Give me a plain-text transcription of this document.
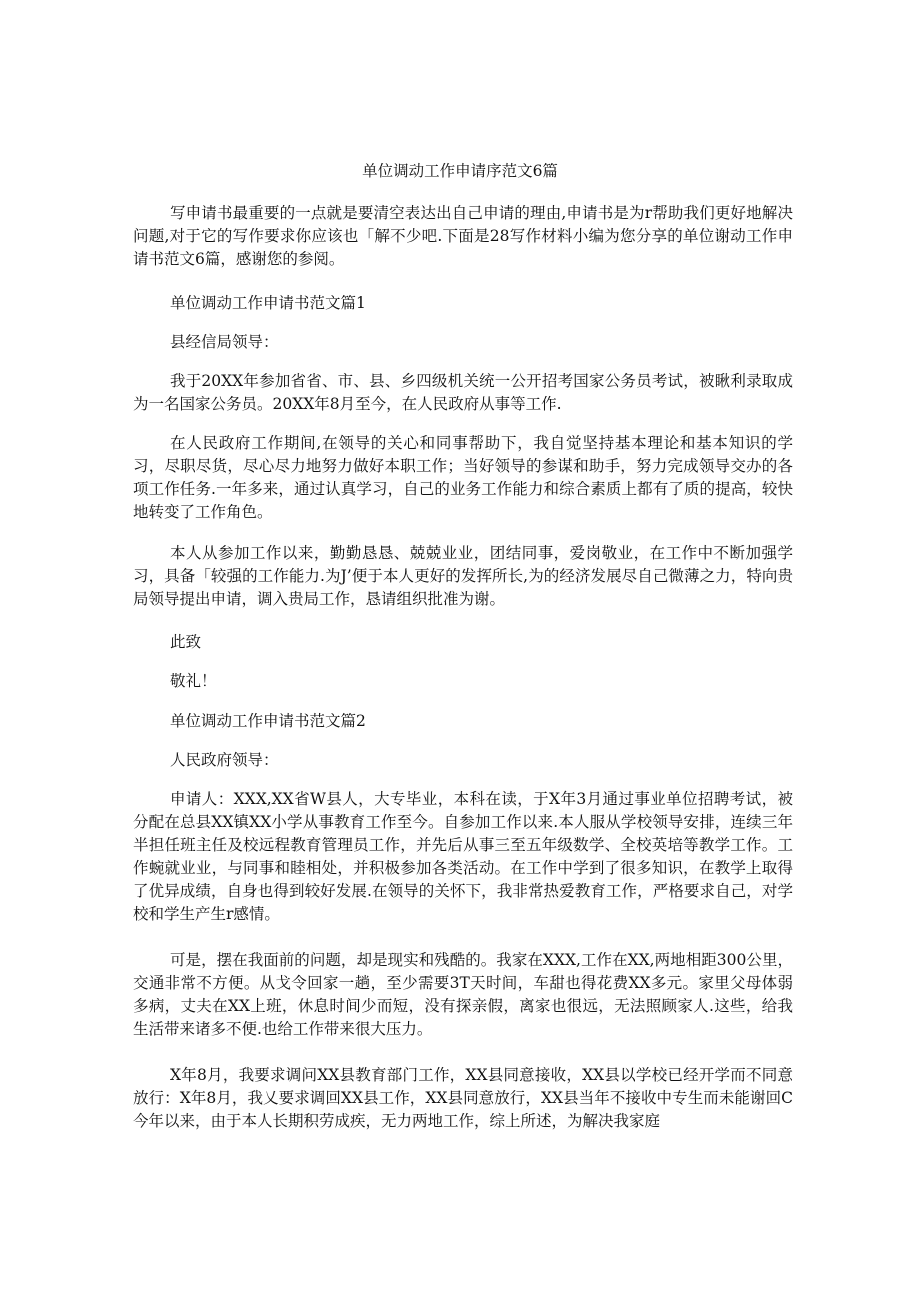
单位调动工作申请序范文6篇

写申请书最重要的一点就是要清空表达出自己申请的理由,申请书是为r帮助我们更好地解决问题,对于它的写作要求你应该也「解不少吧.下面是28写作材料小编为您分享的单位谢动工作申请书范文6篇，感谢您的参阅。

单位调动工作申请书范文篇1

县经信局领导：

我于20XX年参加省省、市、县、乡四级机关统一公开招考国家公务员考试，被瞅利录取成为一名国家公务员。20XX年8月至今，在人民政府从事等工作.

在人民政府工作期间,在领导的关心和同事帮助下，我自觉坚持基本理论和基本知识的学习，尽职尽货，尽心尽力地努力做好本职工作；当好领导的参谋和助手，努力完成领导交办的各项工作任务.一年多来，通过认真学习，自己的业务工作能力和综合素质上都有了质的提高，较快地转变了工作角色。

本人从参加工作以来，勤勤恳恳、兢兢业业，团结同事，爱岗敬业，在工作中不断加强学习，具备「较强的工作能力.为J’便于本人更好的发挥所长,为的经济发展尽自己微薄之力，特向贵局领导提出申请，调入贵局工作，恳请组织批准为谢。

此致

敬礼！

单位调动工作申请书范文篇2

人民政府领导：

申请人：XXX,XX省W县人，大专毕业，本科在读，于X年3月通过事业单位招聘考试，被分配在总县XX镇XX小学从事教育工作至今。自参加工作以来.本人服从学校领导安排，连续三年半担任班主任及校远程教育管理员工作，并先后从事三至五年级数学、全校英培等教学工作。工作蜿就业业，与同事和睦相处，并积极参加各类活动。在工作中学到了很多知识，在教学上取得了优异成绩，自身也得到较好发展.在领导的关怀下，我非常热爱教育工作，严格要求自己，对学校和学生产生r感情。

可是，摆在我面前的问题，却是现实和残酷的。我家在XXX,工作在XX,两地相距300公里，交通非常不方便。从戈令回家一趟，至少需要3T天时间，车甜也得花费XX多元。家里父母体弱多病，丈夫在XX上班，休息时间少而短，没有探亲假，离家也很远，无法照顾家人.这些，给我生活带来诸多不便.也给工作带来很大压力。

X年8月，我要求调问XX县教育部门工作，XX县同意接收，XX县以学校已经开学而不同意放行：X年8月，我乂要求调回XX县工作，XX县同意放行，XX县当年不接收中专生而未能谢回C今年以来，由于本人长期积劳成疾，无力两地工作，综上所述，为解决我家庭
